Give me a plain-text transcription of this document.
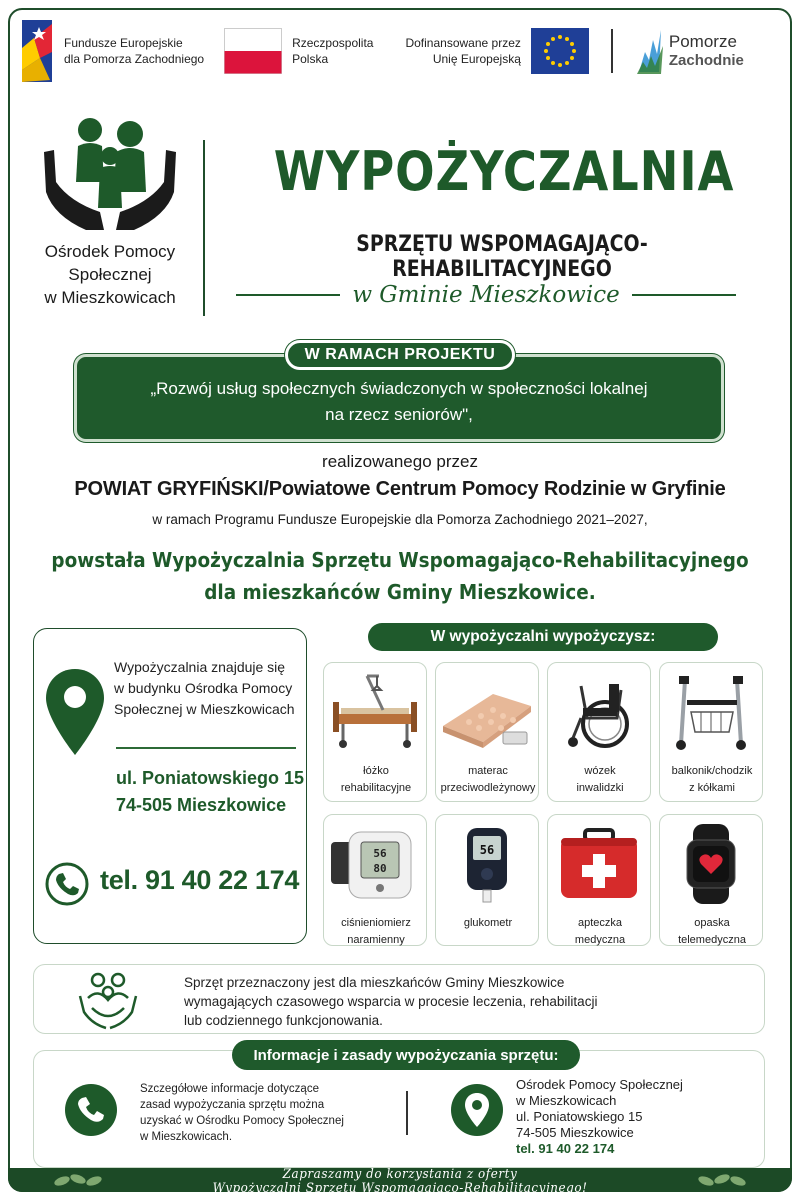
Fundusze Europejskie
dla Pomorza Zachodniego
Rzeczpospolita
Polska
Dofinansowane przez
Unię Europejską
Pomorze
Zachodnie
Ośrodek Pomocy
Społecznej
w Mieszkowicach
WYPOŻYCZALNIA
SPRZĘTU WSPOMAGAJĄCO-REHABILITACYJNEGO
w Gminie Mieszkowice
„Rozwój usług społecznych świadczonych w społeczności lokalnej
na rzecz seniorów",
W RAMACH PROJEKTU
realizowanego przez
POWIAT GRYFIŃSKI/Powiatowe Centrum Pomocy Rodzinie w Gryfinie
w ramach Programu Fundusze Europejskie dla Pomorza Zachodniego 2021–2027,
powstała Wypożyczalnia Sprzętu Wspomagająco-Rehabilitacyjnego
dla mieszkańców Gminy Mieszkowice.
Wypożyczalnia znajduje się
w budynku Ośrodka Pomocy
Społecznej w Mieszkowicach
ul. Poniatowskiego 15
74-505 Mieszkowice
tel. 91 40 22 174
W wypożyczalni wypożyczysz:
łóżko
rehabilitacyjne
materac
przeciwodleżynowy
wózek
inwalidzki
balkonik/chodzik
z kółkami
56
80
ciśnieniomierz
naramienny
56
glukometr	apteczka
medyczna
opaska
telemedyczna
Sprzęt przeznaczony jest dla mieszkańców Gminy Mieszkowice
wymagających czasowego wsparcia w procesie leczenia, rehabilitacji
lub codziennego funkcjonowania.
Szczegółowe informacje dotyczące
zasad wypożyczania sprzętu można
uzyskać w Ośrodku Pomocy Społecznej
w Mieszkowicach.
Ośrodek Pomocy Społecznej
w Mieszkowicach
ul. Poniatowskiego 15
74-505 Mieszkowice
tel. 91 40 22 174
Informacje i zasady wypożyczania sprzętu:
Zapraszamy do korzystania z oferty
Wypożyczalni Sprzętu Wspomagająco-Rehabilitacyjnego!
